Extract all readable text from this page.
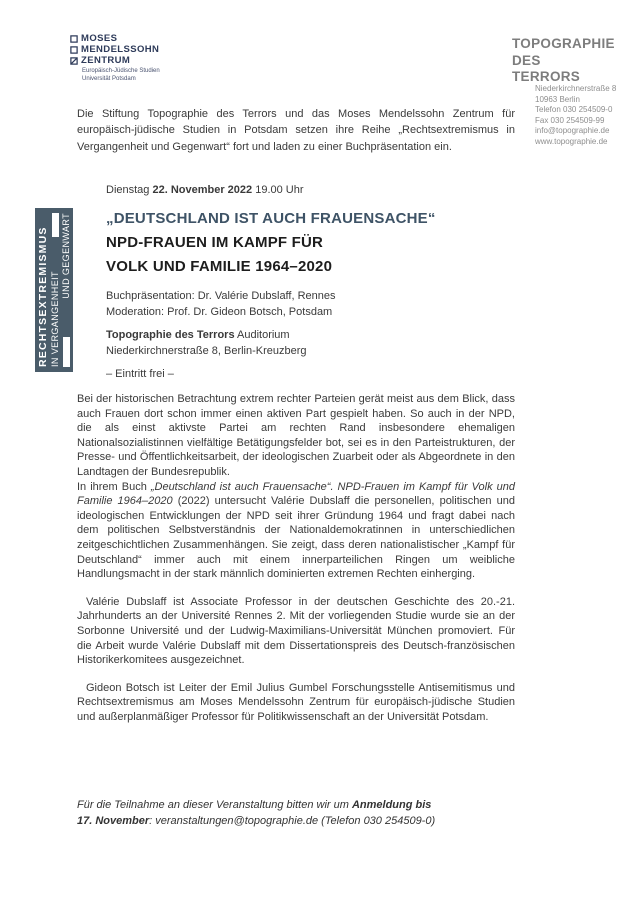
MOSES
MENDELSSOHN
ZENTRUM
Europäisch-Jüdische Studien
Universität Potsdam
TOPOGRAPHIE
DES
TERRORS
Niederkirchnerstraße 8
10963 Berlin
Telefon 030 254509-0
Fax 030 254509-99
info@topographie.de
www.topographie.de
Die Stiftung Topographie des Terrors und das Moses Mendelssohn Zentrum für europäisch-jüdische Studien in Potsdam setzen ihre Reihe „Rechtsextremismus in Vergangenheit und Gegenwart“ fort und laden zu einer Buchpräsentation ein.
RECHTSEXTREMISMUS IN VERGANGENHEIT
UND GEGENWART
Dienstag 22. November 2022 19.00 Uhr
„DEUTSCHLAND IST AUCH FRAUENSACHE“
NPD-FRAUEN IM KAMPF FÜR
VOLK UND FAMILIE 1964–2020
Buchpräsentation: Dr. Valérie Dubslaff, Rennes
Moderation: Prof. Dr. Gideon Botsch, Potsdam
Topographie des Terrors Auditorium
Niederkirchnerstraße 8, Berlin-Kreuzberg
– Eintritt frei –

Bei der historischen Betrachtung extrem rechter Parteien gerät meist aus dem Blick, dass auch Frauen dort schon immer einen aktiven Part gespielt haben. So auch in der NPD, die als einst aktivste Partei am rechten Rand insbesondere ehemaligen Nationalsozialistinnen vielfältige Betätigungsfelder bot, sei es in den Parteistrukturen, der Presse- und Öffentlichkeitsarbeit, der ideologischen Zuarbeit oder als Abgeordnete in den Landtagen der Bundesrepublik.

In ihrem Buch „Deutschland ist auch Frauensache“. NPD-Frauen im Kampf für Volk und Familie 1964–2020 (2022) untersucht Valérie Dubslaff die personellen, politischen und ideologischen Entwicklungen der NPD seit ihrer Gründung 1964 und fragt dabei nach dem politischen Selbstverständnis der Nationaldemokratinnen in unterschiedlichen zeitgeschichtlichen Zusammenhängen. Sie zeigt, dass deren nationalistischer „Kampf für Deutschland“ immer auch mit einem innerparteilichen Ringen um weibliche Handlungsmacht in der stark männlich dominierten extremen Rechten einherging.

Valérie Dubslaff ist Associate Professor in der deutschen Geschichte des 20.-21. Jahrhunderts an der Université Rennes 2. Mit der vorliegenden Studie wurde sie an der Sorbonne Université und der Ludwig-Maximilians-Universität München promoviert. Für die Arbeit wurde Valérie Dubslaff mit dem Dissertationspreis des Deutsch-französischen Historikerkomitees ausgezeichnet.

Gideon Botsch ist Leiter der Emil Julius Gumbel Forschungsstelle Antisemitismus und Rechtsextremismus am Moses Mendelssohn Zentrum für europäisch-jüdische Studien und außerplanmäßiger Professor für Politikwissenschaft an der Universität Potsdam.

Für die Teilnahme an dieser Veranstaltung bitten wir um Anmeldung bis
17. November: veranstaltungen@topographie.de (Telefon 030 254509-0)
